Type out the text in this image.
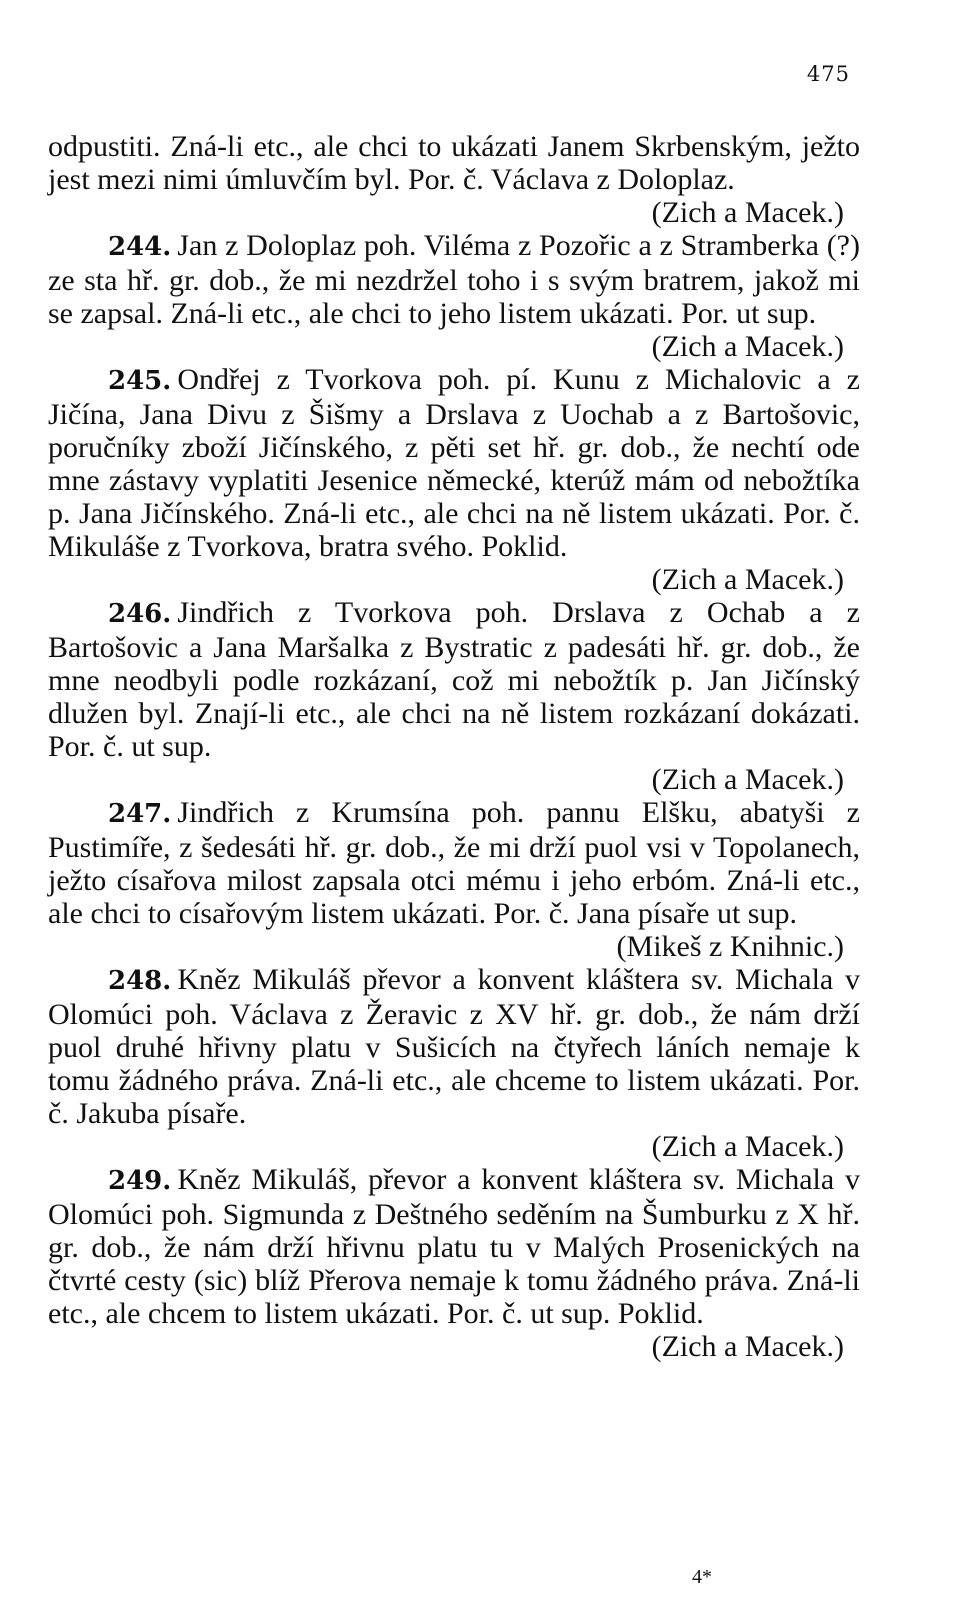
475

odpustiti. Zná-li etc., ale chci to ukázati Janem Skrbenským, ježto jest mezi nimi úmluvčím byl. Por. č. Václava z Doloplaz.

(Zich a Macek.)

244. Jan z Doloplaz poh. Viléma z Pozořic a z Stramberka (?) ze sta hř. gr. dob., že mi nezdržel toho i s svým bratrem, jakož mi se zapsal. Zná-li etc., ale chci to jeho listem ukázati. Por. ut sup.

(Zich a Macek.)

245. Ondřej z Tvorkova poh. pí. Kunu z Michalovic a z Jičína, Jana Divu z Šišmy a Drslava z Uochab a z Bartošovic, poručníky zboží Jičínského, z pěti set hř. gr. dob., že nechtí ode mne zástavy vyplatiti Jesenice německé, kterúž mám od nebožtíka p. Jana Jičínského. Zná-li etc., ale chci na ně listem ukázati. Por. č. Mikuláše z Tvorkova, bratra svého. Poklid.

(Zich a Macek.)

246. Jindřich z Tvorkova poh. Drslava z Ochab a z Bartošovic a Jana Maršalka z Bystratic z padesáti hř. gr. dob., že mne neodbyli podle rozkázaní, což mi nebožtík p. Jan Jičínský dlužen byl. Znají-li etc., ale chci na ně listem rozkázaní dokázati. Por. č. ut sup.

(Zich a Macek.)

247. Jindřich z Krumsína poh. pannu Elšku, abatyši z Pustimíře, z šedesáti hř. gr. dob., že mi drží puol vsi v Topolanech, ježto císařova milost zapsala otci mému i jeho erbóm. Zná-li etc., ale chci to císařovým listem ukázati. Por. č. Jana písaře ut sup.

(Mikeš z Knihnic.)

248. Kněz Mikuláš převor a konvent kláštera sv. Michala v Olomúci poh. Václava z Žeravic z XV hř. gr. dob., že nám drží puol druhé hřivny platu v Sušicích na čtyřech láních nemaje k tomu žádného práva. Zná-li etc., ale chceme to listem ukázati. Por. č. Jakuba písaře.

(Zich a Macek.)

249. Kněz Mikuláš, převor a konvent kláštera sv. Michala v Olomúci poh. Sigmunda z Deštného seděním na Šumburku z X hř. gr. dob., že nám drží hřivnu platu tu v Malých Prosenických na čtvrté cesty (sic) blíž Přerova nemaje k tomu žádného práva. Zná-li etc., ale chcem to listem ukázati. Por. č. ut sup. Poklid.

(Zich a Macek.)

4*
